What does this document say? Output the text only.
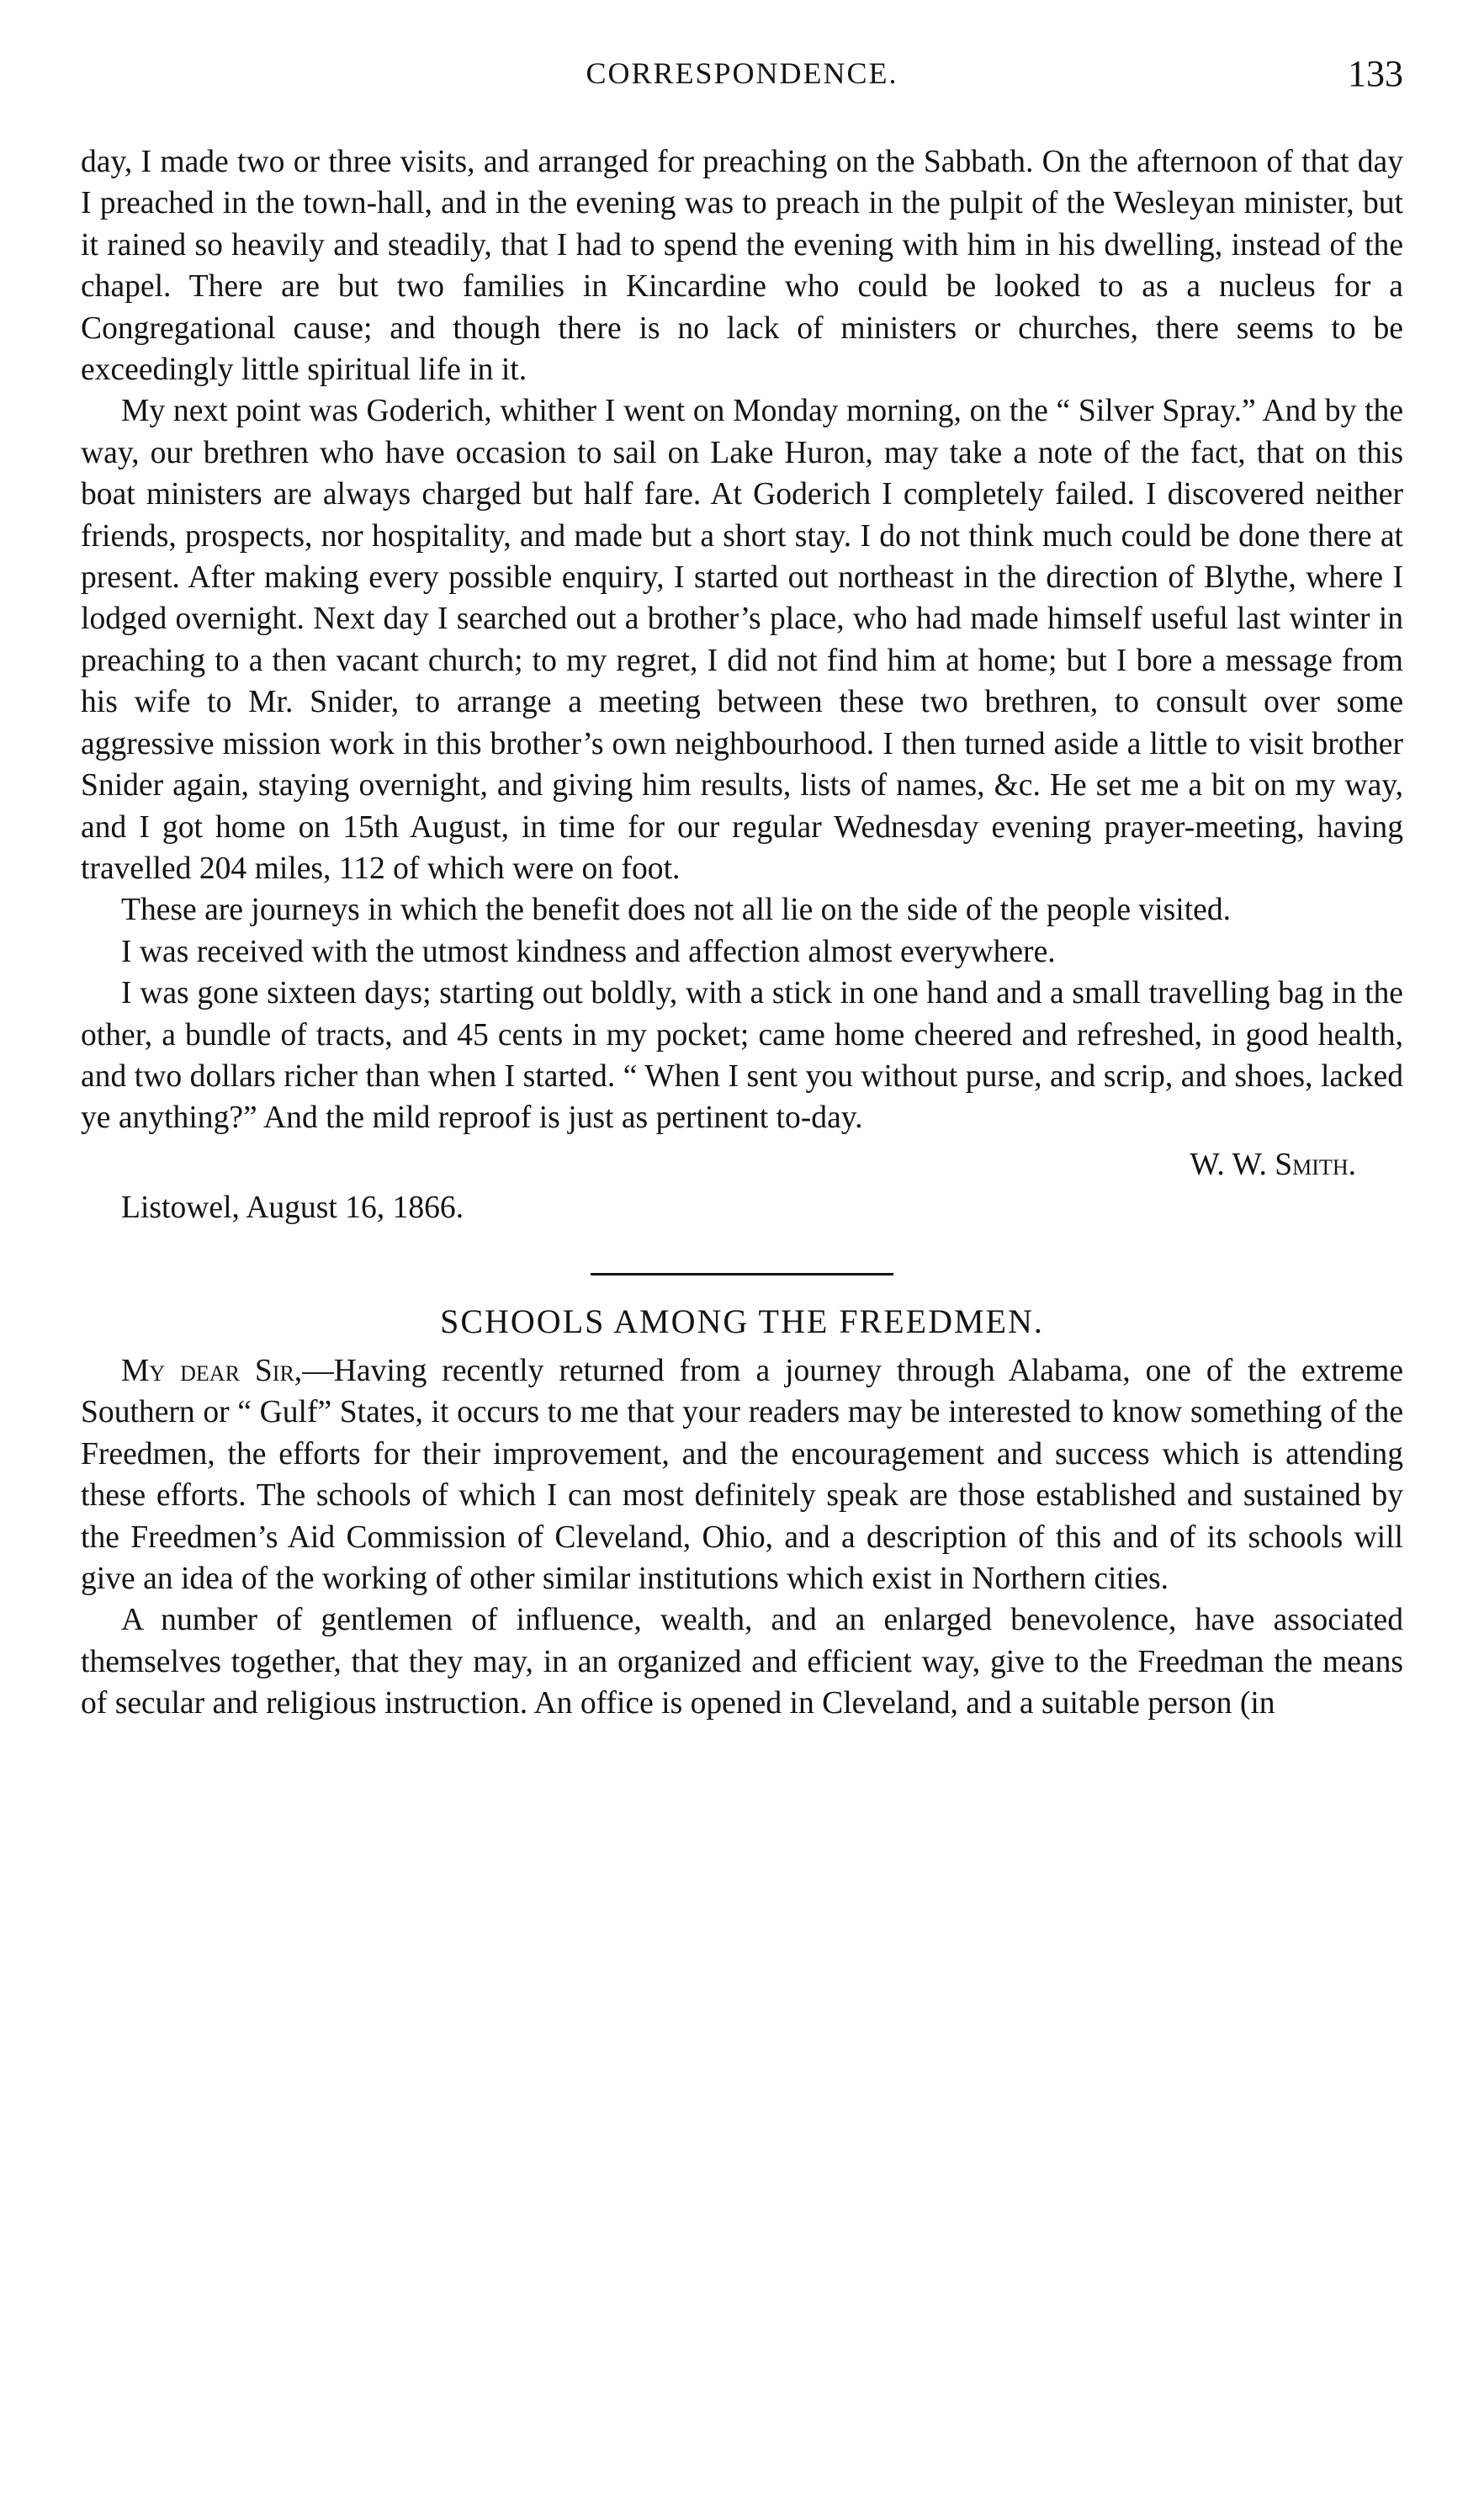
CORRESPONDENCE.	133

day, I made two or three visits, and arranged for preaching on the Sabbath. On the afternoon of that day I preached in the town-hall, and in the evening was to preach in the pulpit of the Wesleyan minister, but it rained so heavily and steadily, that I had to spend the evening with him in his dwelling, instead of the chapel. There are but two families in Kincardine who could be looked to as a nucleus for a Congregational cause; and though there is no lack of ministers or churches, there seems to be exceedingly little spiritual life in it.

My next point was Goderich, whither I went on Monday morning, on the “ Silver Spray.” And by the way, our brethren who have occasion to sail on Lake Huron, may take a note of the fact, that on this boat ministers are always charged but half fare. At Goderich I completely failed. I discovered neither friends, prospects, nor hospitality, and made but a short stay. I do not think much could be done there at present. After making every possible enquiry, I started out northeast in the direction of Blythe, where I lodged overnight. Next day I searched out a brother’s place, who had made himself useful last winter in preaching to a then vacant church; to my regret, I did not find him at home; but I bore a message from his wife to Mr. Snider, to arrange a meeting between these two brethren, to consult over some aggressive mission work in this brother’s own neighbourhood. I then turned aside a little to visit brother Snider again, staying overnight, and giving him results, lists of names, &c. He set me a bit on my way, and I got home on 15th August, in time for our regular Wednesday evening prayer-meeting, having travelled 204 miles, 112 of which were on foot.

These are journeys in which the benefit does not all lie on the side of the people visited.

I was received with the utmost kindness and affection almost everywhere.

I was gone sixteen days; starting out boldly, with a stick in one hand and a small travelling bag in the other, a bundle of tracts, and 45 cents in my pocket; came home cheered and refreshed, in good health, and two dollars richer than when I started. “ When I sent you without purse, and scrip, and shoes, lacked ye anything?” And the mild reproof is just as pertinent to-day.

W. W. Smith.
Listowel, August 16, 1866.
SCHOOLS AMONG THE FREEDMEN.

My dear Sir,—Having recently returned from a journey through Alabama, one of the extreme Southern or “ Gulf” States, it occurs to me that your readers may be interested to know something of the Freedmen, the efforts for their improvement, and the encouragement and success which is attending these efforts. The schools of which I can most definitely speak are those established and sustained by the Freedmen’s Aid Commission of Cleveland, Ohio, and a description of this and of its schools will give an idea of the working of other similar institutions which exist in Northern cities.

A number of gentlemen of influence, wealth, and an enlarged benevolence, have associated themselves together, that they may, in an organized and efficient way, give to the Freedman the means of secular and religious instruction. An office is opened in Cleveland, and a suitable person (in
